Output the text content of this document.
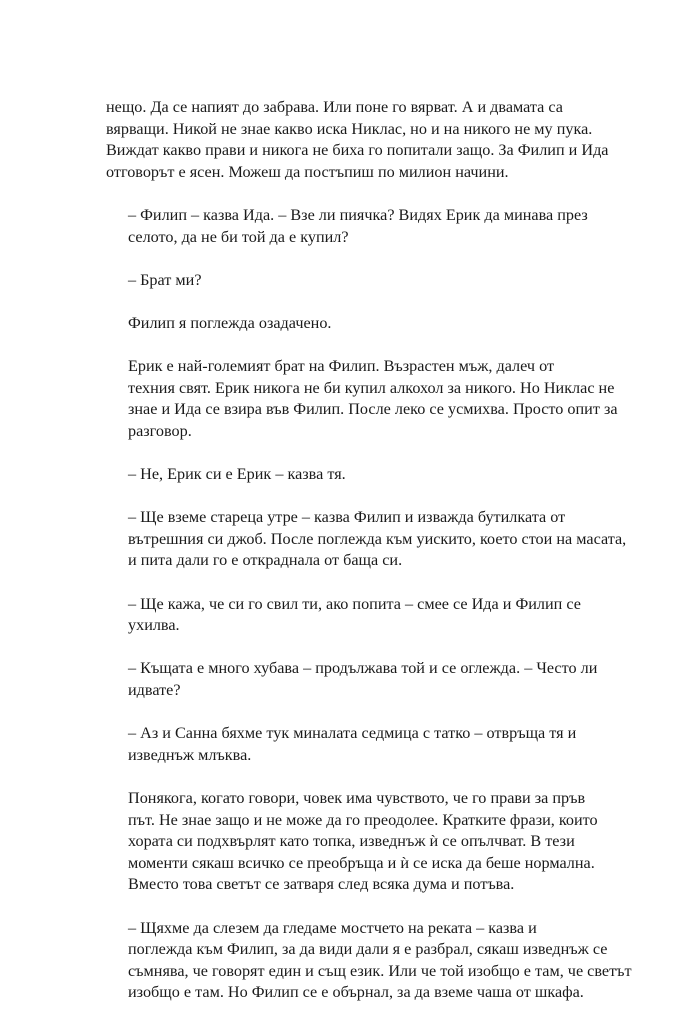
нещо. Да се напият до забрава. Или поне го вярват. А и двамата са
вярващи. Никой не знае какво иска Никлас, но и на никого не му пука.
Виждат какво прави и никога не биха го попитали защо. За Филип и Ида
отговорът е ясен. Можеш да постъпиш по милион начини.

– Филип – казва Ида. – Взе ли пиячка? Видях Ерик да минава през
селото, да не би той да е купил?

– Брат ми?

Филип я поглежда озадачено.

Ерик е най-големият брат на Филип. Възрастен мъж, далеч от
техния свят. Ерик никога не би купил алкохол за никого. Но Никлас не
знае и Ида се взира във Филип. После леко се усмихва. Просто опит за
разговор.

– Не, Ерик си е Ерик – казва тя.

– Ще вземе стареца утре – казва Филип и изважда бутилката от
вътрешния си джоб. После поглежда към уискито, което стои на масата,
и пита дали го е откраднала от баща си.

– Ще кажа, че си го свил ти, ако попита – смее се Ида и Филип се
ухилва.

– Къщата е много хубава – продължава той и се оглежда. – Често ли
идвате?

– Аз и Санна бяхме тук миналата седмица с татко – отвръща тя и
изведнъж млъква.

Понякога, когато говори, човек има чувството, че го прави за пръв
път. Не знае защо и не може да го преодолее. Кратките фрази, които
хората си подхвърлят като топка, изведнъж ѝ се опълчват. В тези
моменти сякаш всичко се преобръща и ѝ се иска да беше нормална.
Вместо това светът се затваря след всяка дума и потъва.

– Щяхме да слезем да гледаме мостчето на реката – казва и
поглежда към Филип, за да види дали я е разбрал, сякаш изведнъж се
съмнява, че говорят един и същ език. Или че той изобщо е там, че светът
изобщо е там. Но Филип се е обърнал, за да вземе чаша от шкафа.
